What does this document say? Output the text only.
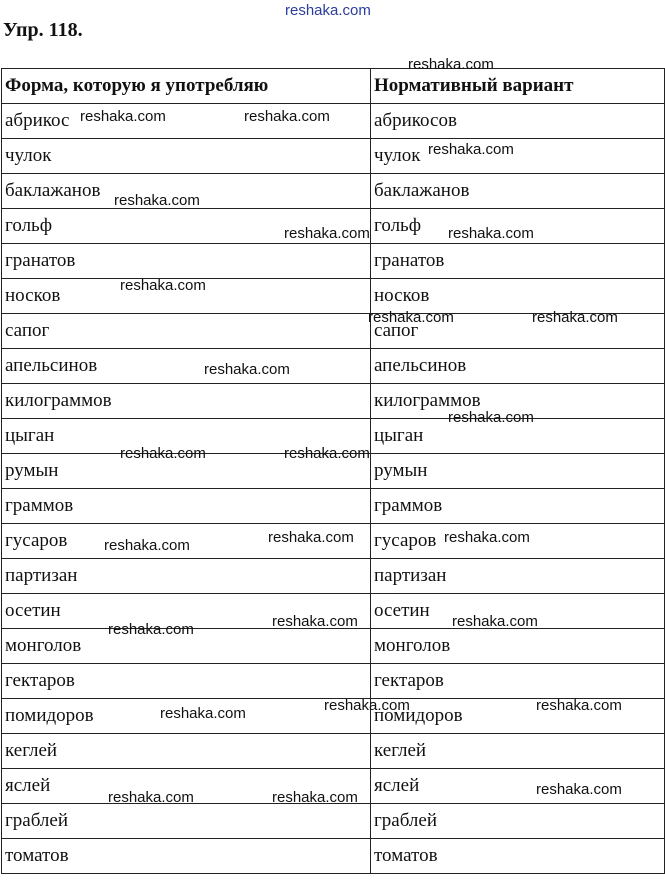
reshaka.com
Упр. 118.
Форма, которую я употребляю	Нормативный вариант
абрикос	абрикосов
чулок	чулок
баклажанов	баклажанов
гольф	гольф
гранатов	гранатов
носков	носков
сапог	сапог
апельсинов	апельсинов
килограммов	килограммов
цыган	цыган
румын	румын
граммов	граммов
гусаров	гусаров
партизан	партизан
осетин	осетин
монголов	монголов
гектаров	гектаров
помидоров	помидоров
кеглей	кеглей
яслей	яслей
граблей	граблей
томатов	томатов
reshaka.com
reshaka.com	reshaka.com
reshaka.com
reshaka.com
reshaka.com	reshaka.com
reshaka.com
reshaka.com	reshaka.com
reshaka.com
reshaka.com
reshaka.com	reshaka.com
reshaka.com	reshaka.com	reshaka.com
reshaka.com	reshaka.com	reshaka.com
reshaka.com	reshaka.com
reshaka.com
reshaka.com
reshaka.com	reshaka.com
